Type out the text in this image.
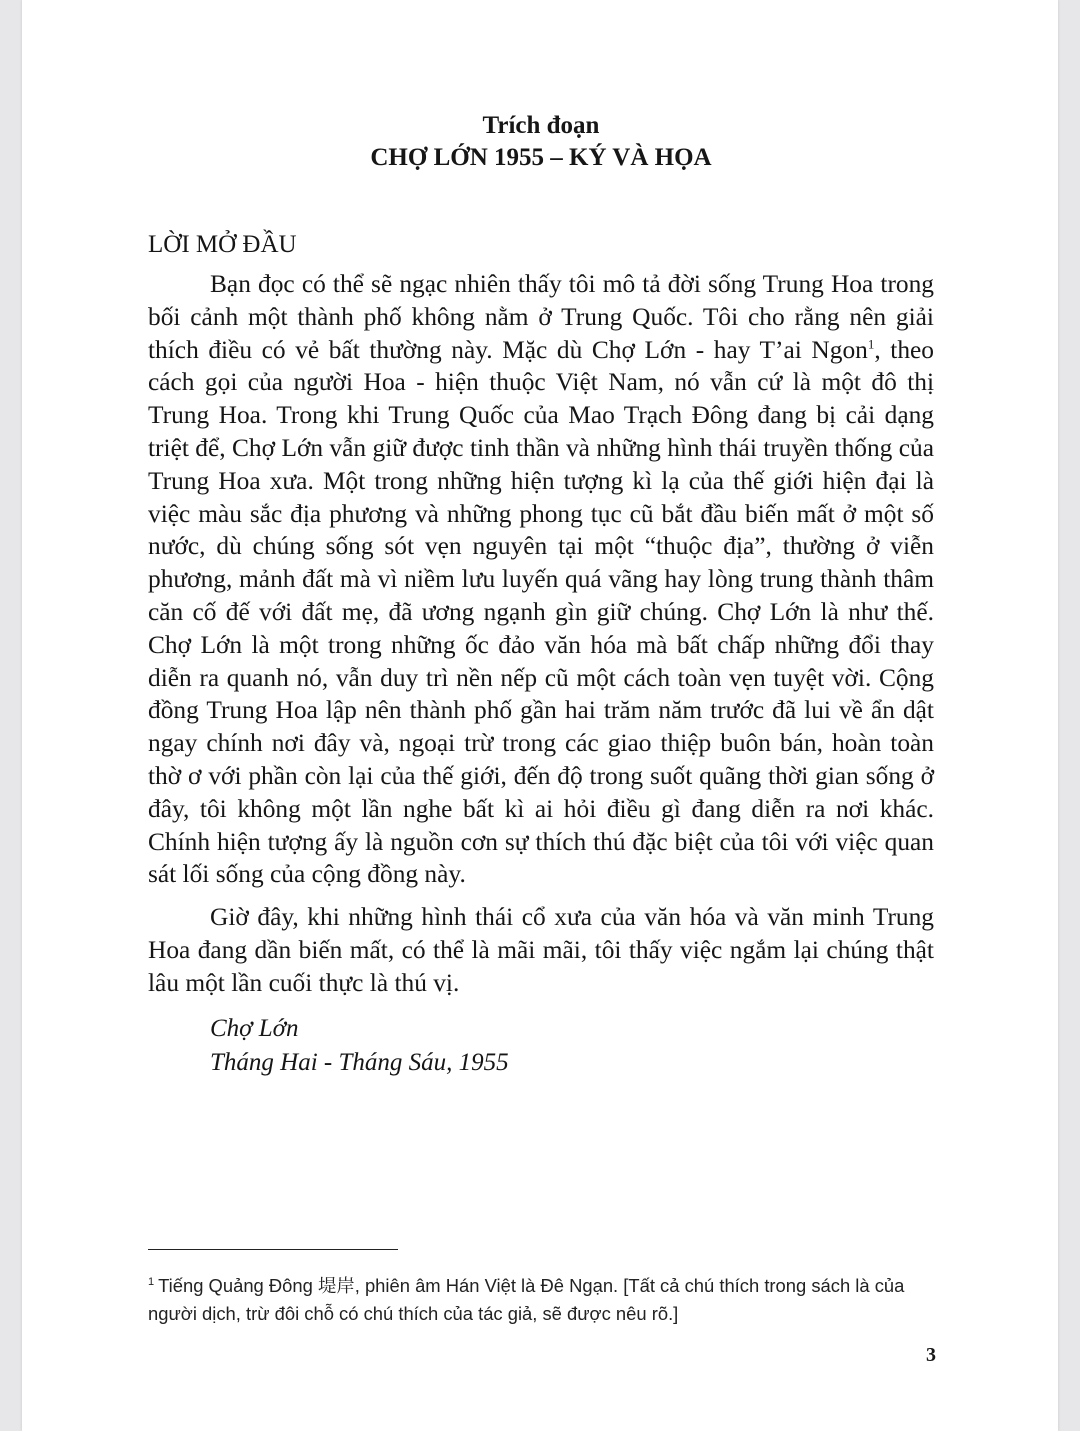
Trích đoạn
CHỢ LỚN 1955 – KÝ VÀ HỌA
LỜI MỞ ĐẦU

Bạn đọc có thể sẽ ngạc nhiên thấy tôi mô tả đời sống Trung Hoa trong bối cảnh một thành phố không nằm ở Trung Quốc. Tôi cho rằng nên giải thích điều có vẻ bất thường này. Mặc dù Chợ Lớn - hay T’ai Ngon$^1$, theo cách gọi của người Hoa - hiện thuộc Việt Nam, nó vẫn cứ là một đô thị Trung Hoa. Trong khi Trung Quốc của Mao Trạch Đông đang bị cải dạng triệt để, Chợ Lớn vẫn giữ được tinh thần và những hình thái truyền thống của Trung Hoa xưa. Một trong những hiện tượng kì lạ của thế giới hiện đại là việc màu sắc địa phương và những phong tục cũ bắt đầu biến mất ở một số nước, dù chúng sống sót vẹn nguyên tại một “thuộc địa”, thường ở viễn phương, mảnh đất mà vì niềm lưu luyến quá vãng hay lòng trung thành thâm căn cố đế với đất mẹ, đã ương ngạnh gìn giữ chúng. Chợ Lớn là như thế. Chợ Lớn là một trong những ốc đảo văn hóa mà bất chấp những đổi thay diễn ra quanh nó, vẫn duy trì nền nếp cũ một cách toàn vẹn tuyệt vời. Cộng đồng Trung Hoa lập nên thành phố gần hai trăm năm trước đã lui về ẩn dật ngay chính nơi đây và, ngoại trừ trong các giao thiệp buôn bán, hoàn toàn thờ ơ với phần còn lại của thế giới, đến độ trong suốt quãng thời gian sống ở đây, tôi không một lần nghe bất kì ai hỏi điều gì đang diễn ra nơi khác. Chính hiện tượng ấy là nguồn cơn sự thích thú đặc biệt của tôi với việc quan sát lối sống của cộng đồng này.

Giờ đây, khi những hình thái cổ xưa của văn hóa và văn minh Trung Hoa đang dần biến mất, có thể là mãi mãi, tôi thấy việc ngắm lại chúng thật lâu một lần cuối thực là thú vị.

Chợ Lớn
Tháng Hai - Tháng Sáu, 1955
$^1$ Tiếng Quảng Đông 堤岸, phiên âm Hán Việt là Đê Ngạn. [Tất cả chú thích trong sách là của người dịch, trừ đôi chỗ có chú thích của tác giả, sẽ được nêu rõ.]
3
